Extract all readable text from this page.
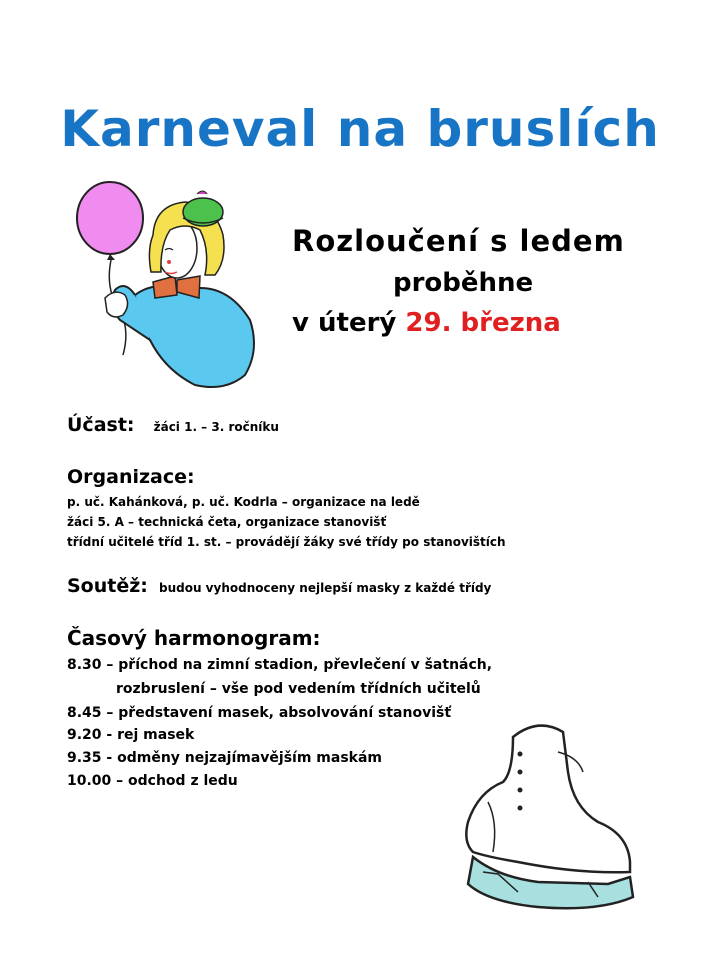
Karneval na bruslích
Rozloučení s ledem
proběhne
v úterý 29. března
Účast: žáci 1. – 3. ročníku
Organizace:
p. uč. Kahánková, p. uč. Kodrla – organizace na ledě
žáci 5. A – technická četa, organizace stanovišť
třídní učitelé tříd 1. st. – provádějí žáky své třídy po stanovištích
Soutěž: budou vyhodnoceny nejlepší masky z každé třídy
Časový harmonogram:
8.30 – příchod na zimní stadion, převlečení v šatnách,
rozbruslení – vše pod vedením třídních učitelů
8.45 – představení masek, absolvování stanovišť
9.20 - rej masek
9.35 - odměny nejzajímavějším maskám
10.00 – odchod z ledu
